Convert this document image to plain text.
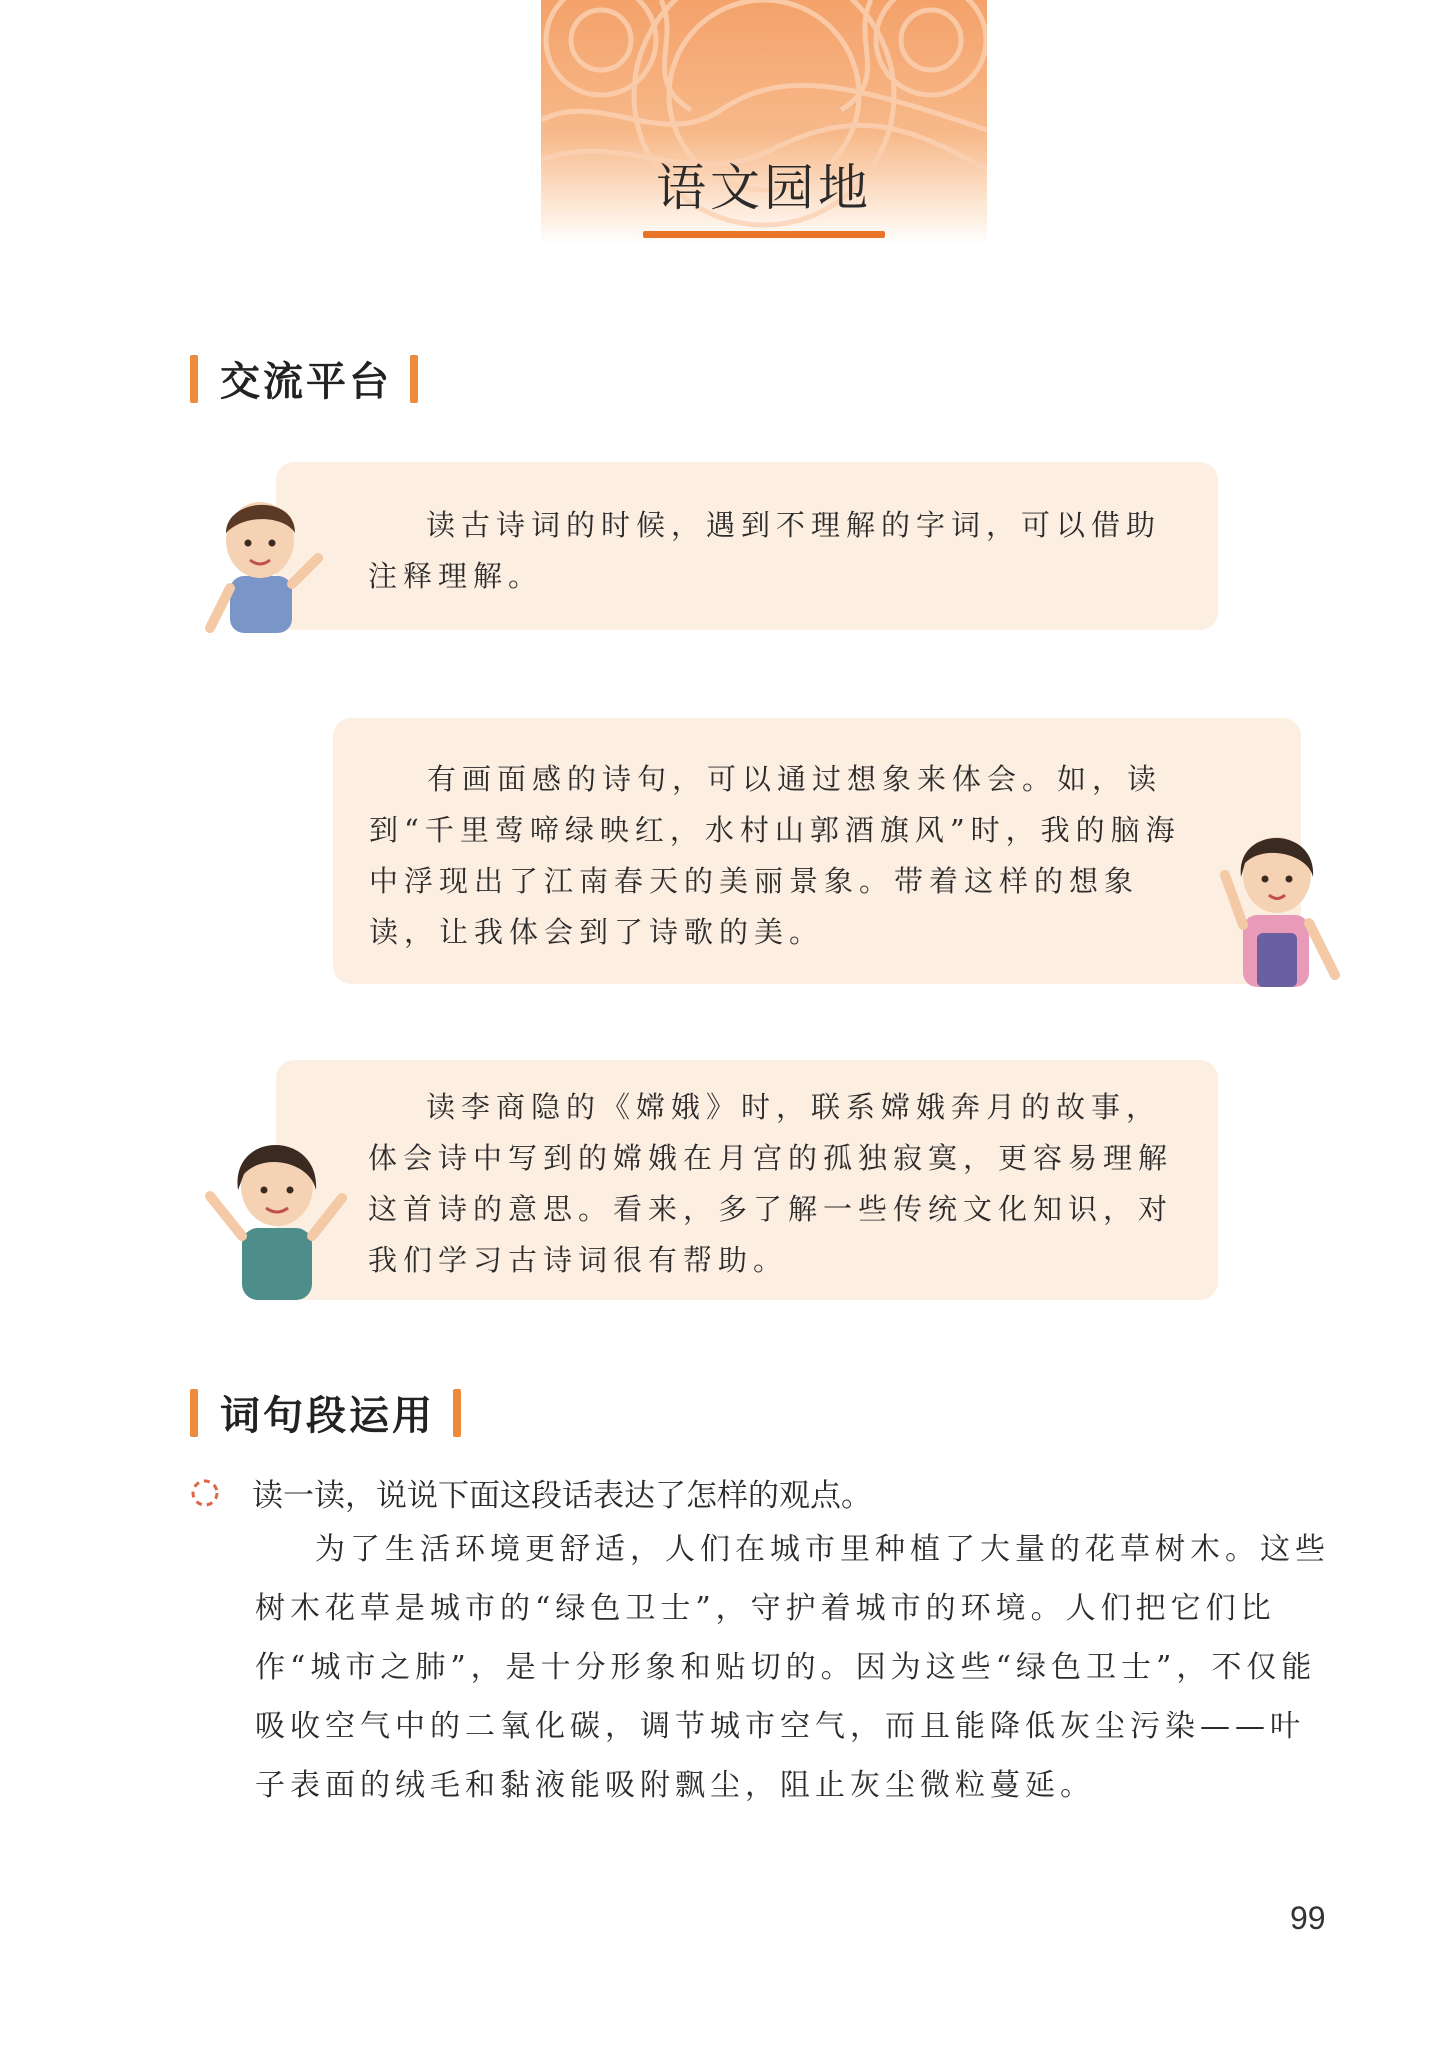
语文园地
交流平台
读古诗词的时候，遇到不理解的字词，可以借助注释理解。
有画面感的诗句，可以通过想象来体会。如，读到“千里莺啼绿映红，水村山郭酒旗风”时，我的脑海中浮现出了江南春天的美丽景象。带着这样的想象读，让我体会到了诗歌的美。
读李商隐的《嫦娥》时，联系嫦娥奔月的故事，体会诗中写到的嫦娥在月宫的孤独寂寞，更容易理解这首诗的意思。看来，多了解一些传统文化知识，对我们学习古诗词很有帮助。
词句段运用
读一读，说说下面这段话表达了怎样的观点。
为了生活环境更舒适，人们在城市里种植了大量的花草树木。这些树木花草是城市的“绿色卫士”，守护着城市的环境。人们把它们比作“城市之肺”，是十分形象和贴切的。因为这些“绿色卫士”，不仅能吸收空气中的二氧化碳，调节城市空气，而且能降低灰尘污染——叶子表面的绒毛和黏液能吸附飘尘，阻止灰尘微粒蔓延。
99
